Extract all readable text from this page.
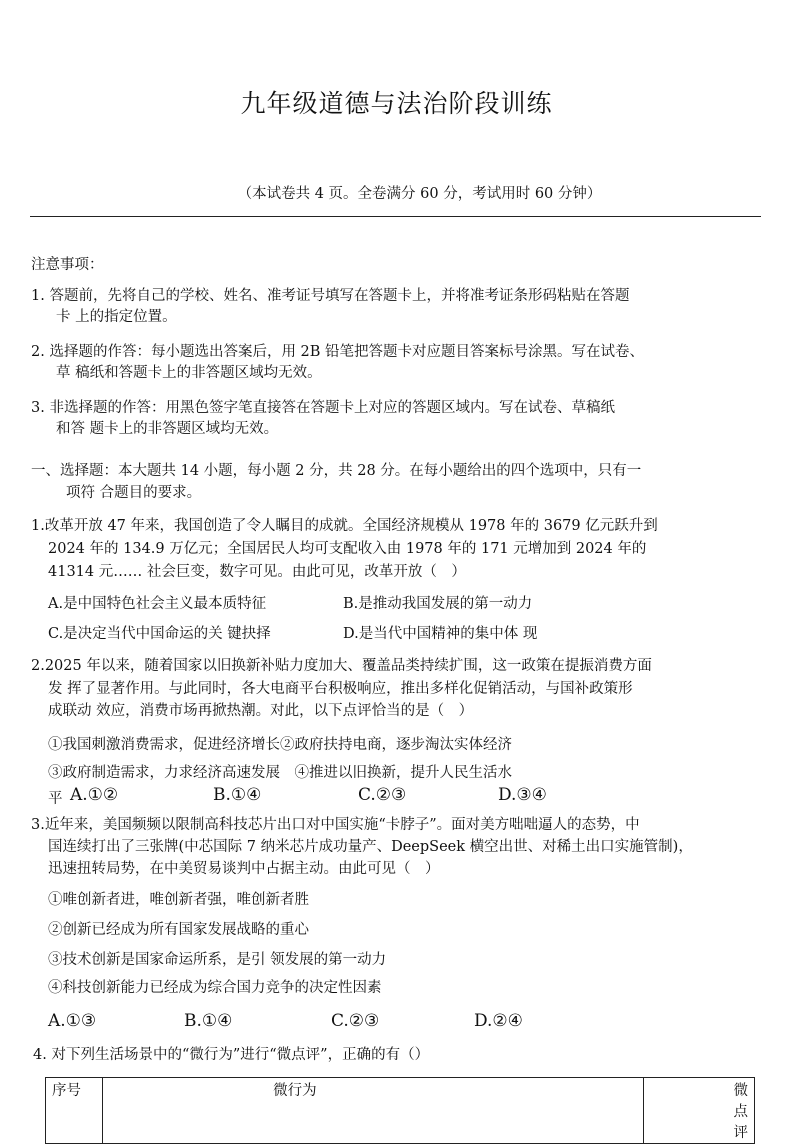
九年级道德与法治阶段训练
（本试卷共 4 页。全卷满分 60 分，考试用时 60 分钟）
注意事项：
1. 答题前，先将自己的学校、姓名、准考证号填写在答题卡上，并将准考证条形码粘贴在答题
卡 上的指定位置。
2. 选择题的作答：每小题选出答案后，用 2B 铅笔把答题卡对应题目答案标号涂黑。写在试卷、
草 稿纸和答题卡上的非答题区域均无效。
3. 非选择题的作答：用黑色签字笔直接答在答题卡上对应的答题区域内。写在试卷、草稿纸
和答 题卡上的非答题区域均无效。
一、选择题：本大题共 14 小题，每小题 2 分，共 28 分。在每小题给出的四个选项中，只有一
项符 合题目的要求。
1.改革开放 47 年来，我国创造了令人瞩目的成就。全国经济规模从 1978 年的 3679 亿元跃升到
2024 年的 134.9 万亿元；全国居民人均可支配收入由 1978 年的 171 元增加到 2024 年的
41314 元…… 社会巨变，数字可见。由此可见，改革开放（　）
A.是中国特色社会主义最本质特征	B.是推动我国发展的第一动力
C.是决定当代中国命运的关 键抉择	D.是当代中国精神的集中体 现
2.2025 年以来，随着国家以旧换新补贴力度加大、覆盖品类持续扩围，这一政策在提振消费方面
发 挥了显著作用。与此同时，各大电商平台积极响应，推出多样化促销活动，与国补政策形
成联动 效应，消费市场再掀热潮。对此，以下点评恰当的是（　）
①我国刺激消费需求，促进经济增长②政府扶持电商，逐步淘汰实体经济
③政府制造需求，力求经济高速发展　④推进以旧换新，提升人民生活水
平 A.①②	B.①④	C.②③	D.③④
3.近年来，美国频频以限制高科技芯片出口对中国实施“卡脖子”。面对美方咄咄逼人的态势，中
国连续打出了三张牌(中芯国际 7 纳米芯片成功量产、DeepSeek 横空出世、对稀土出口实施管制)，
迅速扭转局势，在中美贸易谈判中占据主动。由此可见（　）
①唯创新者进，唯创新者强，唯创新者胜
②创新已经成为所有国家发展战略的重心
③技术创新是国家命运所系，是引 领发展的第一动力
④科技创新能力已经成为综合国力竞争的决定性因素
A.①③	B.①④	C.②③	D.②④
4. 对下列生活场景中的“微行为”进行“微点评”，正确的有（）
序号	微行为	微点评
